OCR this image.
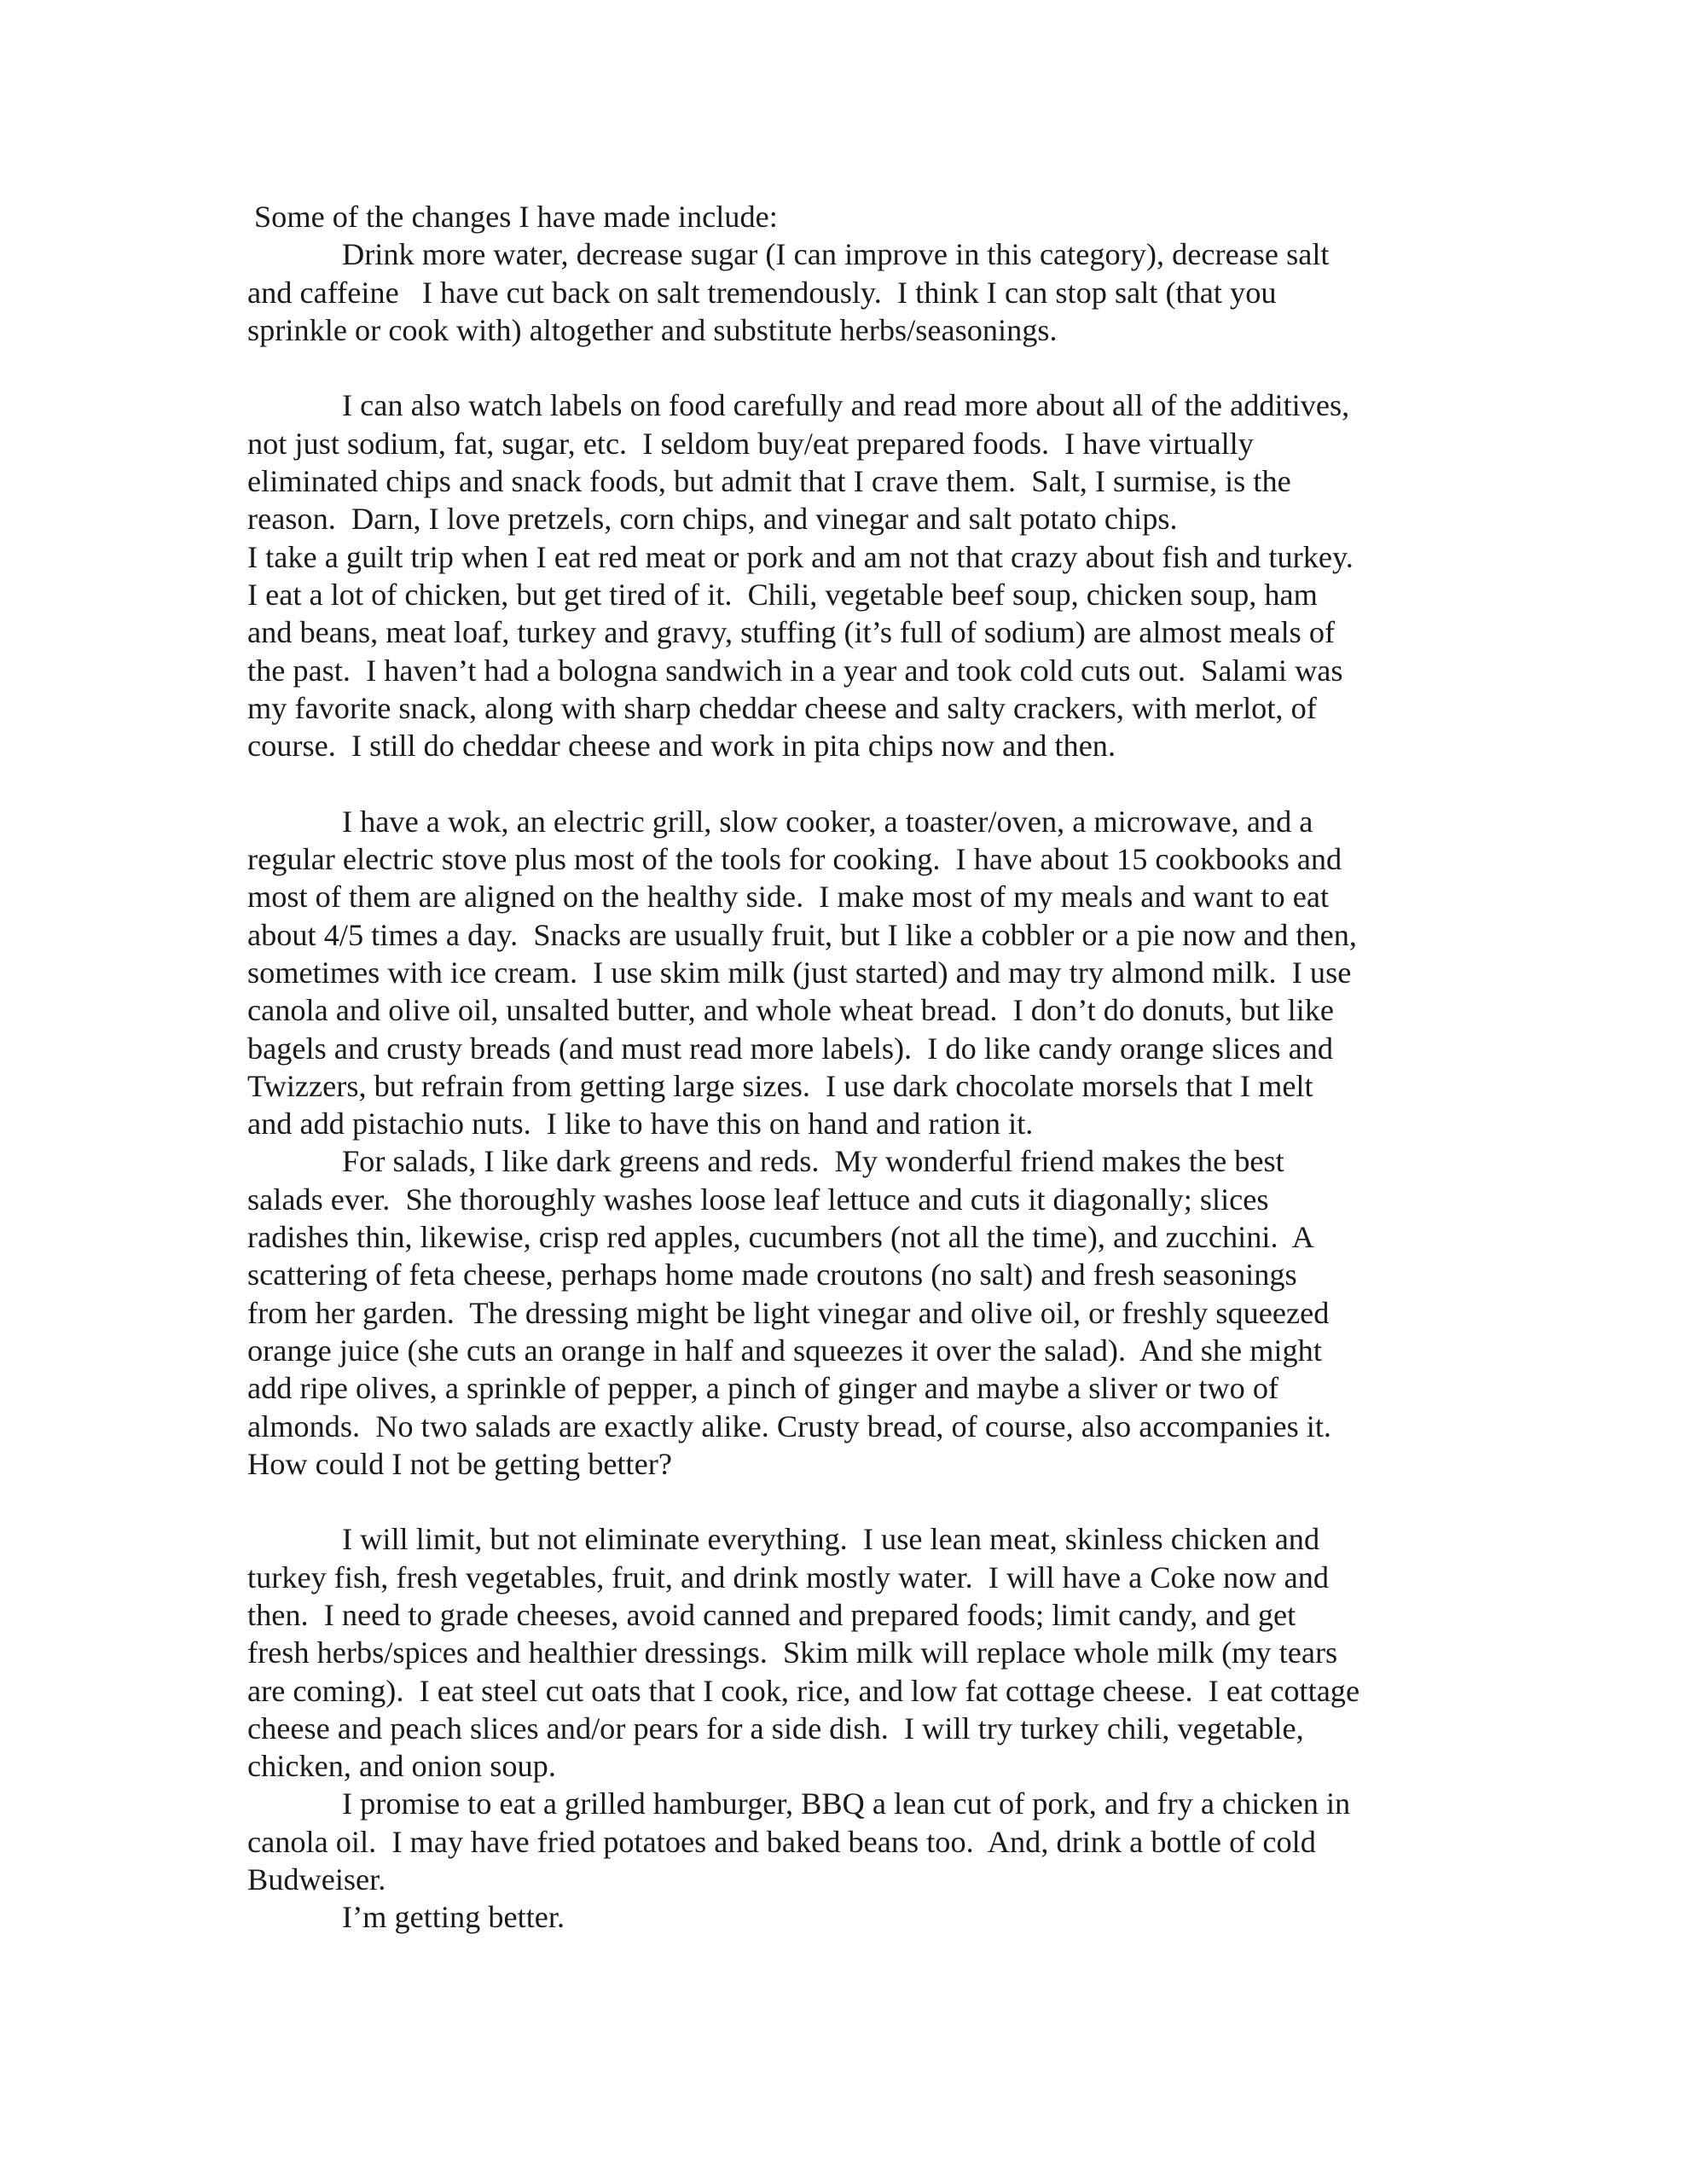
Some of the changes I have made include:
Drink more water, decrease sugar (I can improve in this category), decrease salt
and caffeine   I have cut back on salt tremendously.  I think I can stop salt (that you
sprinkle or cook with) altogether and substitute herbs/seasonings.
I can also watch labels on food carefully and read more about all of the additives,
not just sodium, fat, sugar, etc.  I seldom buy/eat prepared foods.  I have virtually
eliminated chips and snack foods, but admit that I crave them.  Salt, I surmise, is the
reason.  Darn, I love pretzels, corn chips, and vinegar and salt potato chips.
I take a guilt trip when I eat red meat or pork and am not that crazy about fish and turkey.
I eat a lot of chicken, but get tired of it.  Chili, vegetable beef soup, chicken soup, ham
and beans, meat loaf, turkey and gravy, stuffing (it’s full of sodium) are almost meals of
the past.  I haven’t had a bologna sandwich in a year and took cold cuts out.  Salami was
my favorite snack, along with sharp cheddar cheese and salty crackers, with merlot, of
course.  I still do cheddar cheese and work in pita chips now and then.
I have a wok, an electric grill, slow cooker, a toaster/oven, a microwave, and a
regular electric stove plus most of the tools for cooking.  I have about 15 cookbooks and
most of them are aligned on the healthy side.  I make most of my meals and want to eat
about 4/5 times a day.  Snacks are usually fruit, but I like a cobbler or a pie now and then,
sometimes with ice cream.  I use skim milk (just started) and may try almond milk.  I use
canola and olive oil, unsalted butter, and whole wheat bread.  I don’t do donuts, but like
bagels and crusty breads (and must read more labels).  I do like candy orange slices and
Twizzers, but refrain from getting large sizes.  I use dark chocolate morsels that I melt
and add pistachio nuts.  I like to have this on hand and ration it.
For salads, I like dark greens and reds.  My wonderful friend makes the best
salads ever.  She thoroughly washes loose leaf lettuce and cuts it diagonally; slices
radishes thin, likewise, crisp red apples, cucumbers (not all the time), and zucchini.  A
scattering of feta cheese, perhaps home made croutons (no salt) and fresh seasonings
from her garden.  The dressing might be light vinegar and olive oil, or freshly squeezed
orange juice (she cuts an orange in half and squeezes it over the salad).  And she might
add ripe olives, a sprinkle of pepper, a pinch of ginger and maybe a sliver or two of
almonds.  No two salads are exactly alike. Crusty bread, of course, also accompanies it.
How could I not be getting better?
I will limit, but not eliminate everything.  I use lean meat, skinless chicken and
turkey fish, fresh vegetables, fruit, and drink mostly water.  I will have a Coke now and
then.  I need to grade cheeses, avoid canned and prepared foods; limit candy, and get
fresh herbs/spices and healthier dressings.  Skim milk will replace whole milk (my tears
are coming).  I eat steel cut oats that I cook, rice, and low fat cottage cheese.  I eat cottage
cheese and peach slices and/or pears for a side dish.  I will try turkey chili, vegetable,
chicken, and onion soup.
I promise to eat a grilled hamburger, BBQ a lean cut of pork, and fry a chicken in
canola oil.  I may have fried potatoes and baked beans too.  And, drink a bottle of cold
Budweiser.
I’m getting better.
